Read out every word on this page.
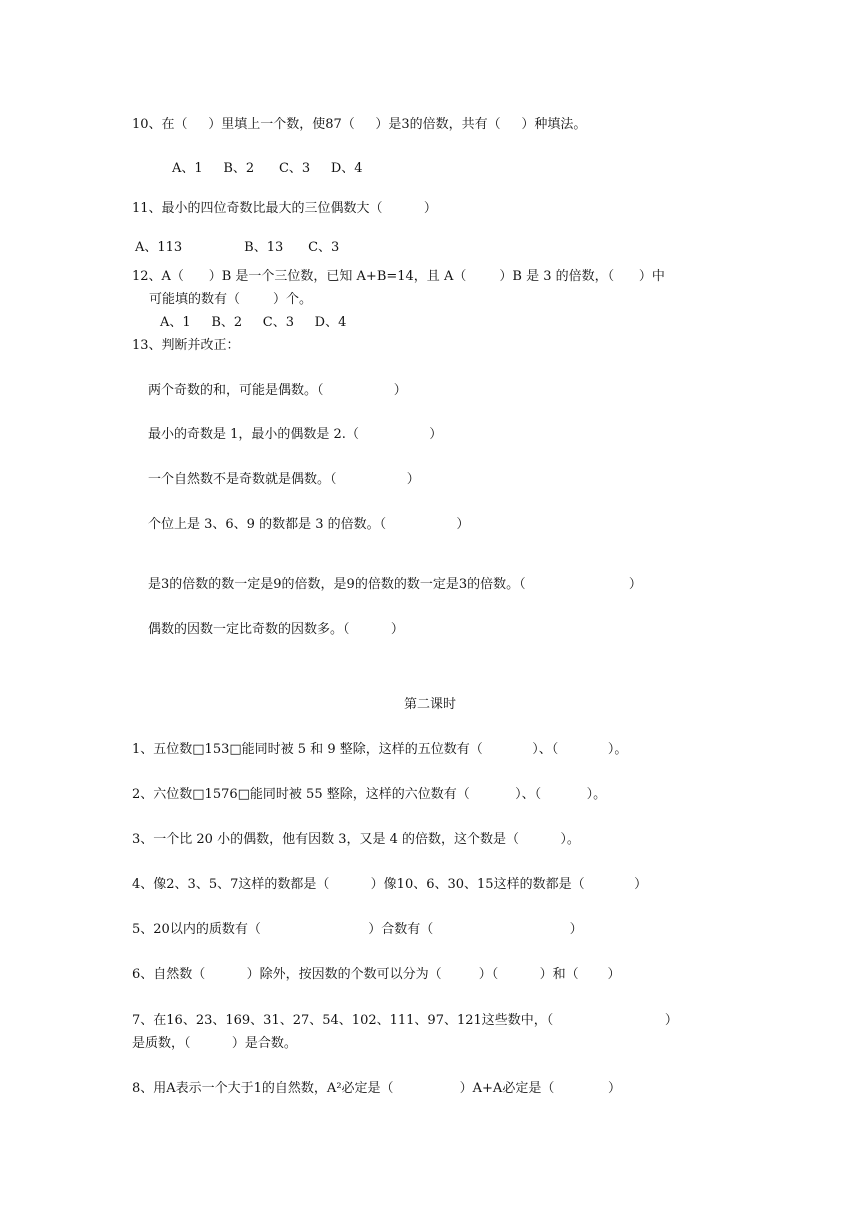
10、在（     ）里填上一个数，使87（     ）是3的倍数，共有（     ）种填法。
A、1     B、2      C、3     D、4
11、最小的四位奇数比最大的三位偶数大（          ）
A、113               B、13      C、3
12、A（      ）B 是一个三位数，已知 A+B=14，且 A（        ）B 是 3 的倍数，（      ）中
可能填的数有（        ）个。
A、1     B、2     C、3     D、4
13、判断并改正：
两个奇数的和，可能是偶数。（                 ）
最小的奇数是 1，最小的偶数是 2.（                 ）
一个自然数不是奇数就是偶数。（                 ）
个位上是 3、6、9 的数都是 3 的倍数。（                 ）
是3的倍数的数一定是9的倍数，是9的倍数的数一定是3的倍数。（                         ）
偶数的因数一定比奇数的因数多。（          ）
第二课时
1、五位数□153□能同时被 5 和 9 整除，这样的五位数有（            ）、（            ）。
2、六位数□1576□能同时被 55 整除，这样的六位数有（           ）、（           ）。
3、一个比 20 小的偶数，他有因数 3，又是 4 的倍数，这个数是（          ）。
4、像2、3、5、7这样的数都是（          ）像10、6、30、15这样的数都是（            ）
5、20以内的质数有（                          ）合数有（                                 ）
6、自然数（          ）除外，按因数的个数可以分为（         ）（          ）和（       ）
7、在16、23、169、31、27、54、102、111、97、121这些数中，（                           ）
是质数，（          ）是合数。
8、用A表示一个大于1的自然数，A²必定是（                ）A+A必定是（             ）
